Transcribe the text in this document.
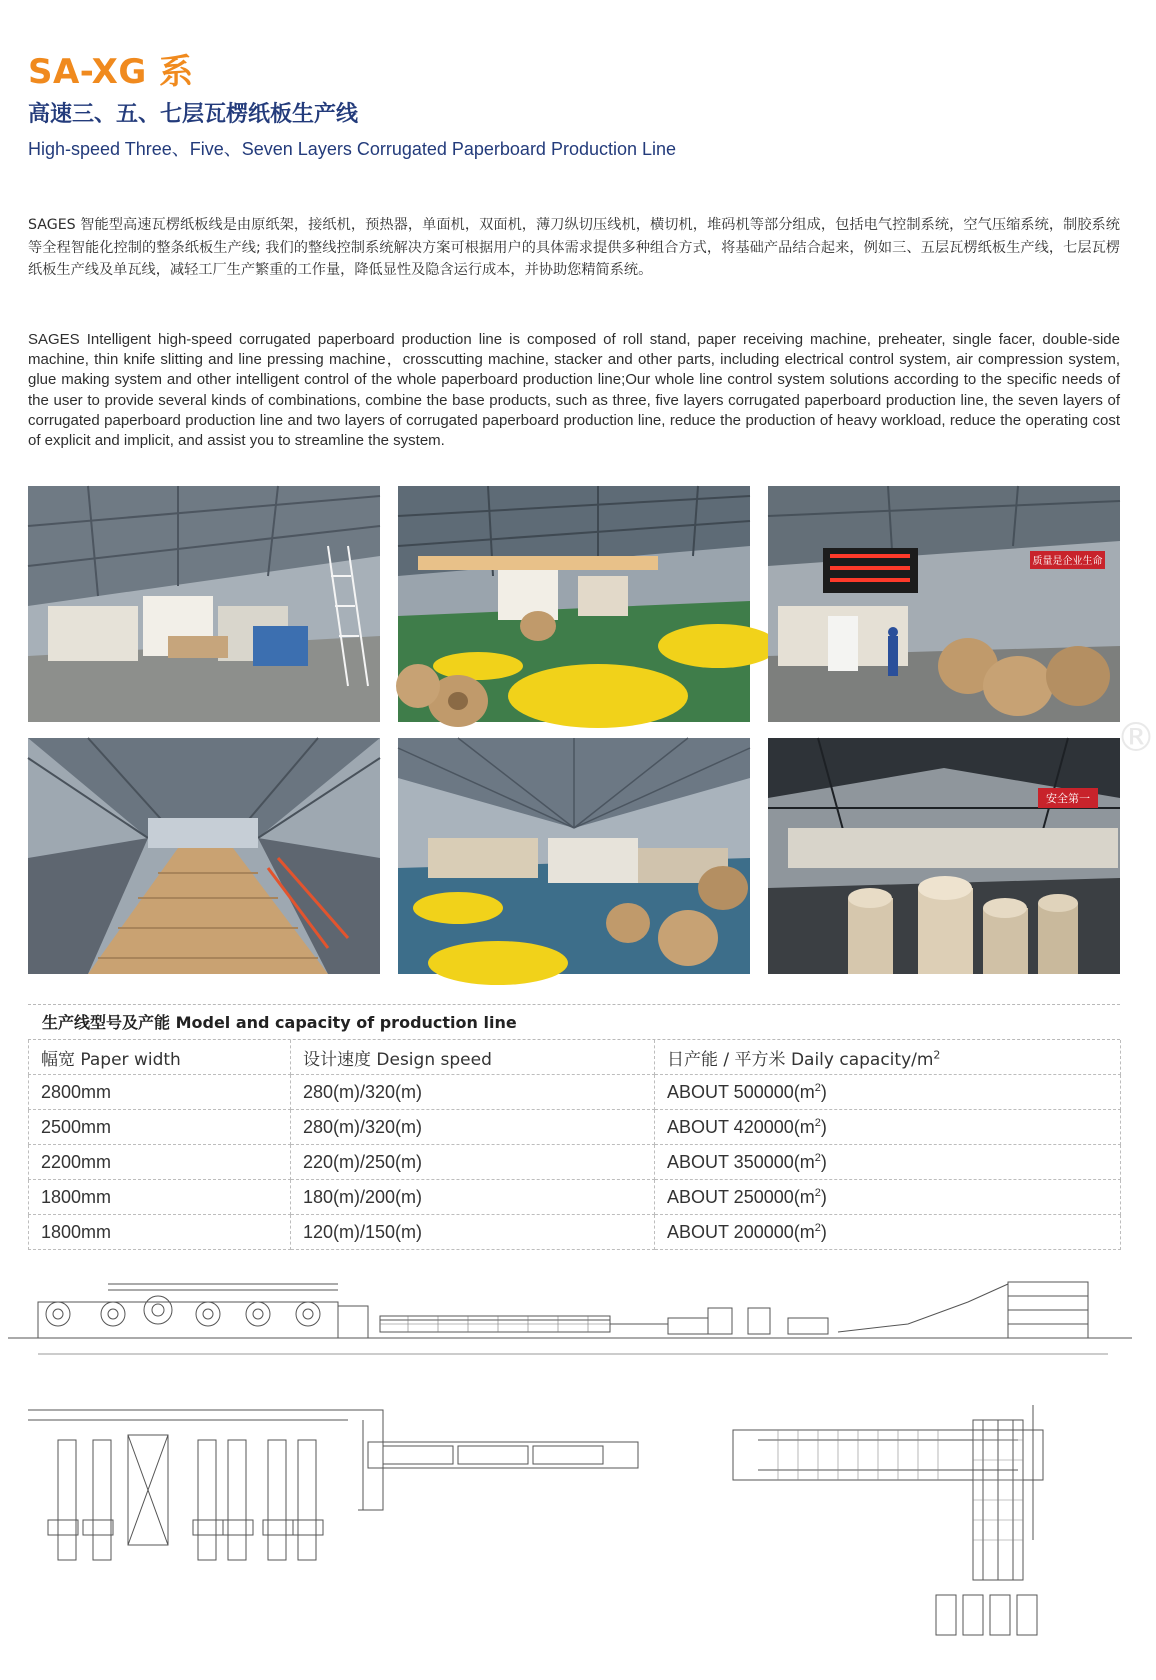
SA-XG 系
高速三、五、七层瓦楞纸板生产线

High-speed Three、Five、Seven Layers Corrugated Paperboard Production Line

SAGES 智能型高速瓦楞纸板线是由原纸架，接纸机，预热器，单面机，双面机，薄刀纵切压线机，横切机，堆码机等部分组成，包括电气控制系统，空气压缩系统，制胶系统等全程智能化控制的整条纸板生产线; 我们的整线控制系统解决方案可根据用户的具体需求提供多种组合方式，将基础产品结合起来，例如三、五层瓦楞纸板生产线，七层瓦楞纸板生产线及单瓦线，减轻工厂生产繁重的工作量，降低显性及隐含运行成本，并协助您精简系统。

SAGES Intelligent high-speed corrugated paperboard production line is composed of roll stand, paper receiving machine, preheater, single facer, double-side machine, thin knife slitting and line pressing machine，crosscutting machine, stacker and other parts, including electrical control system, air compression system, glue making system and other intelligent control of the whole paperboard production line;Our whole line control system solutions according to the specific needs of the user to provide several kinds of combinations, combine the base products, such as three, five layers corrugated paperboard production line, the seven layers of corrugated paperboard production line and two layers of corrugated paperboard production line, reduce the production of heavy workload, reduce the operating cost of explicit and implicit, and assist you to streamline the system.

质量是企业生命
安全第一
®
生产线型号及产能 Model and capacity of production line
幅宽 Paper width	设计速度 Design speed	日产能 / 平方米 Daily capacity/$m^2$
2800mm	280(m)/320(m)	ABOUT $500000(m^2)$
2500mm	280(m)/320(m)	ABOUT $420000(m^2)$
2200mm	220(m)/250(m)	ABOUT $350000(m^2)$
1800mm	180(m)/200(m)	ABOUT $250000(m^2)$
1800mm	120(m)/150(m)	ABOUT $200000(m^2)$
